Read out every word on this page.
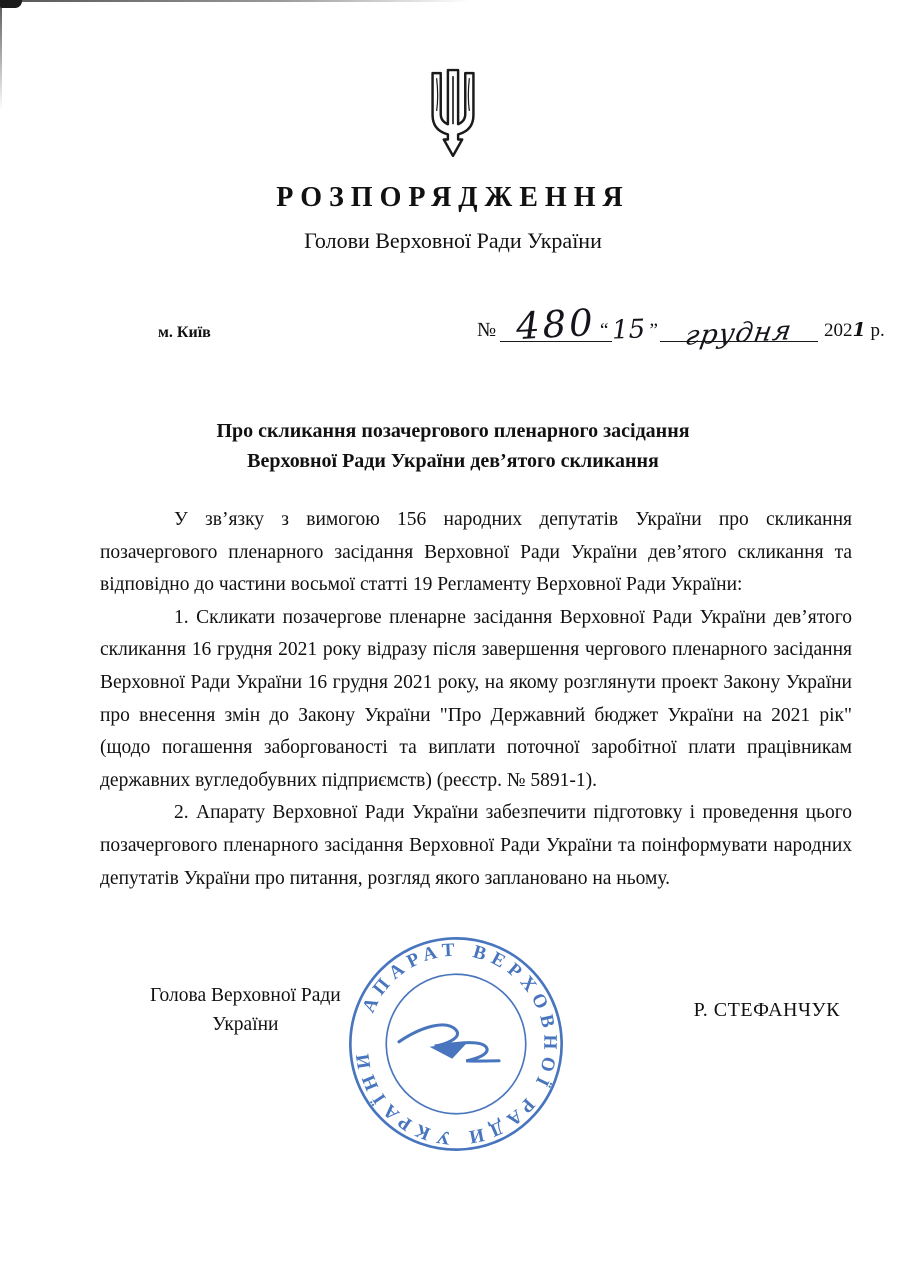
РОЗПОРЯДЖЕННЯ
Голови Верховної Ради України
м. Київ	№ 480 “ 15 ” грудня 2021 р.
Про скликання позачергового пленарного засідання
Верховної Ради України дев’ятого скликання

У зв’язку з вимогою 156 народних депутатів України про скликання позачергового пленарного засідання Верховної Ради України дев’ятого скликання та відповідно до частини восьмої статті 19 Регламенту Верховної Ради України:

1. Скликати позачергове пленарне засідання Верховної Ради України дев’ятого скликання 16 грудня 2021 року відразу після завершення чергового пленарного засідання Верховної Ради України 16 грудня 2021 року, на якому розглянути проект Закону України про внесення змін до Закону України "Про Державний бюджет України на 2021 рік" (щодо погашення заборгованості та виплати поточної заробітної плати працівникам державних вугледобувних підприємств) (реєстр. № 5891-1).

2. Апарату Верховної Ради України забезпечити підготовку і проведення цього позачергового пленарного засідання Верховної Ради України та поінформувати народних депутатів України про питання, розгляд якого заплановано на ньому.

Голова Верховної Ради
України
Р. СТЕФАНЧУК
АПАРАТ ВЕРХОВНОЇ РАДИ УКРАЇНИ
